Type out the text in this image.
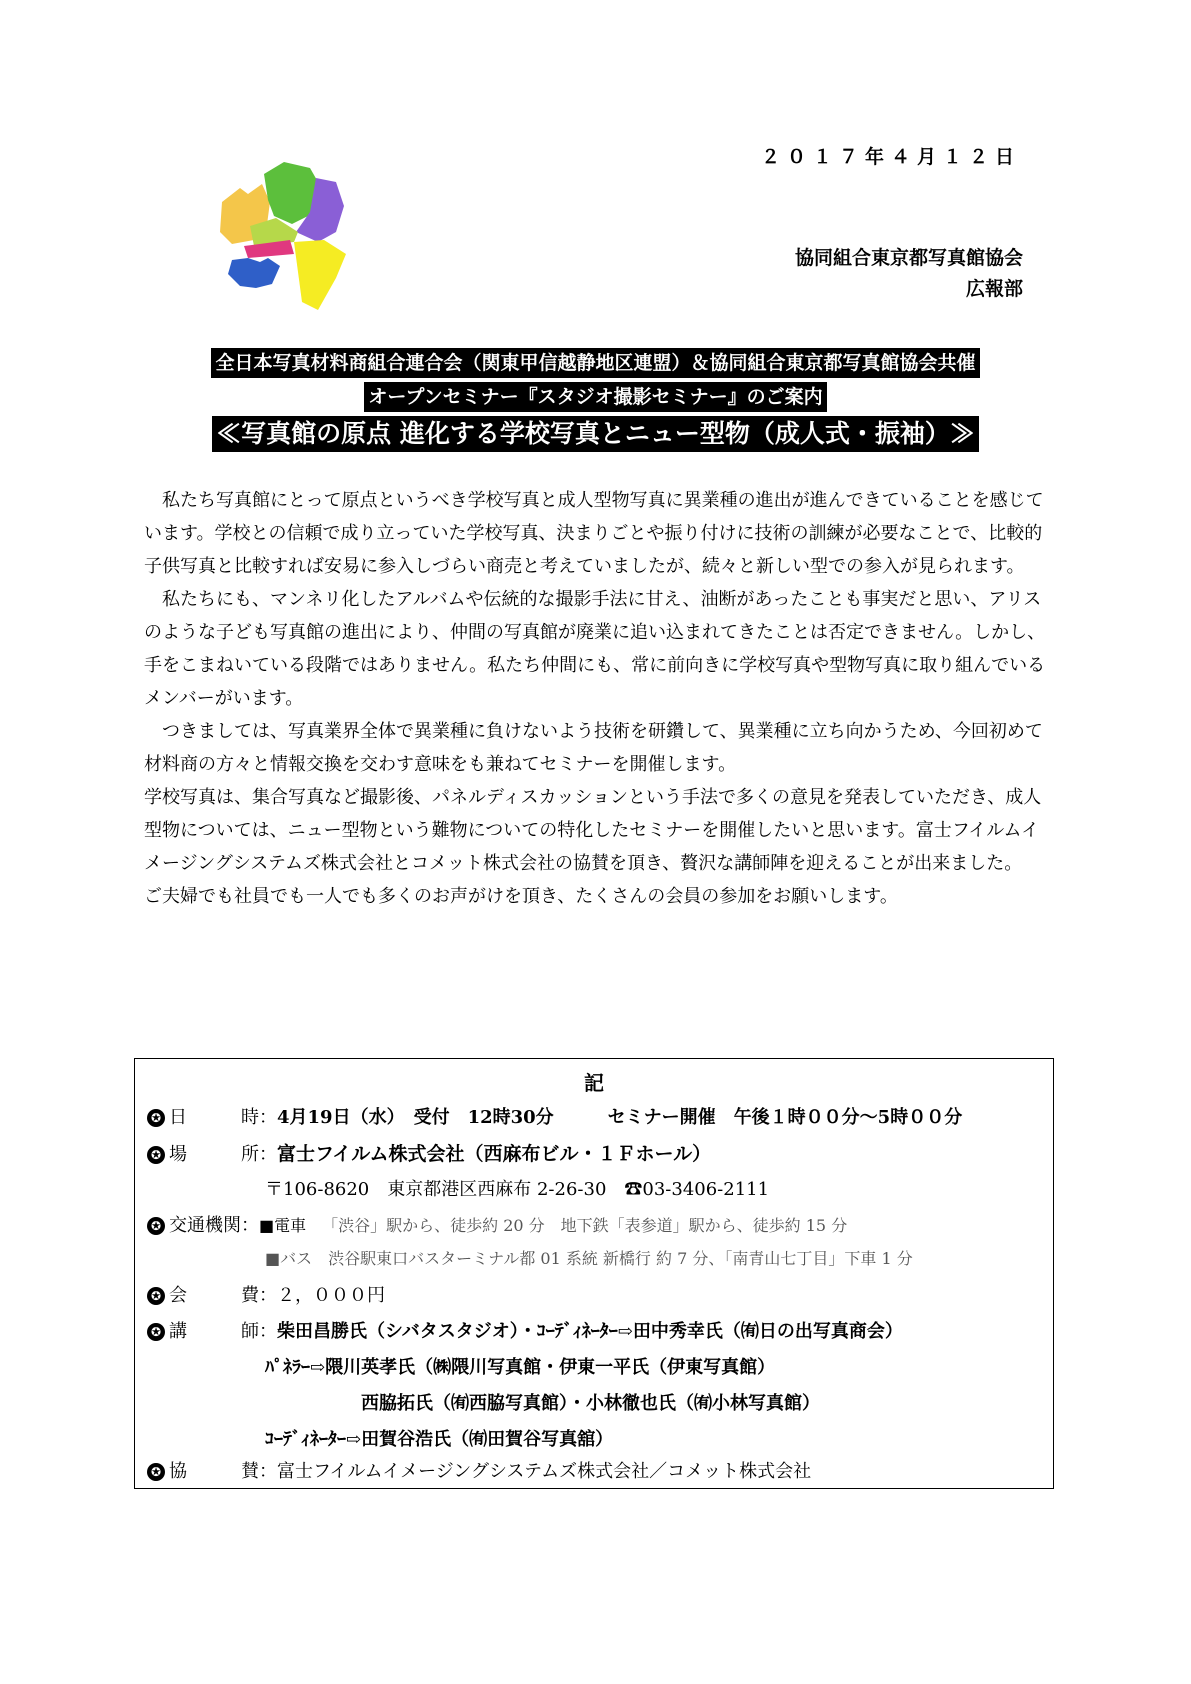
２０１７年４月１２日
協同組合東京都写真館協会
広報部
全日本写真材料商組合連合会（関東甲信越静地区連盟）＆協同組合東京都写真館協会共催
オープンセミナー『スタジオ撮影セミナー』のご案内
≪写真館の原点 進化する学校写真とニュー型物（成人式・振袖）≫

　私たち写真館にとって原点というべき学校写真と成人型物写真に異業種の進出が進んできていることを感じています。学校との信頼で成り立っていた学校写真、決まりごとや振り付けに技術の訓練が必要なことで、比較的子供写真と比較すれば安易に参入しづらい商売と考えていましたが、続々と新しい型での参入が見られます。

　私たちにも、マンネリ化したアルバムや伝統的な撮影手法に甘え、油断があったことも事実だと思い、アリスのような子ども写真館の進出により、仲間の写真館が廃業に追い込まれてきたことは否定できません。しかし、手をこまねいている段階ではありません。私たち仲間にも、常に前向きに学校写真や型物写真に取り組んでいるメンバーがいます。

　つきましては、写真業界全体で異業種に負けないよう技術を研鑽して、異業種に立ち向かうため、今回初めて材料商の方々と情報交換を交わす意味をも兼ねてセミナーを開催します。

学校写真は、集合写真など撮影後、パネルディスカッションという手法で多くの意見を発表していただき、成人型物については、ニュー型物という難物についての特化したセミナーを開催したいと思います。富士フイルムイメージングシステムズ株式会社とコメット株式会社の協賛を頂き、贅沢な講師陣を迎えることが出来ました。

ご夫婦でも社員でも一人でも多くのお声がけを頂き、たくさんの会員の参加をお願いします。

記
✪ 日　　　時：4月19日（水）　受付　12時30分　　　セミナー開催　午後１時００分～5時００分
✪ 場　　　所：富士フイルム株式会社（西麻布ビル・１Ｆホール）
〒106-8620　東京都港区西麻布 2-26-30　☎03-3406-2111
✪ 交通機関：■電車 「渋谷」駅から、徒歩約 20 分　地下鉄「表参道」駅から、徒歩約 15 分
■バス　渋谷駅東口バスターミナル都 01 系統 新橋行 約 7 分、「南青山七丁目」下車 1 分
✪ 会　　　費：２，０００円
✪ 講　　　師：柴田昌勝氏（シバタスタジオ）・ｺｰﾃﾞｨﾈｰﾀｰ⇨田中秀幸氏（㈲日の出写真商会）
ﾊﾟﾈﾗｰ⇨隈川英孝氏（㈱隈川写真館・伊東一平氏（伊東写真館）
西脇拓氏（㈲西脇写真館）・小林徹也氏（㈲小林写真館）
ｺｰﾃﾞｨﾈｰﾀｰ⇨田賀谷浩氏（㈲田賀谷写真舘）
✪ 協　　　賛：富士フイルムイメージングシステムズ株式会社／コメット株式会社
